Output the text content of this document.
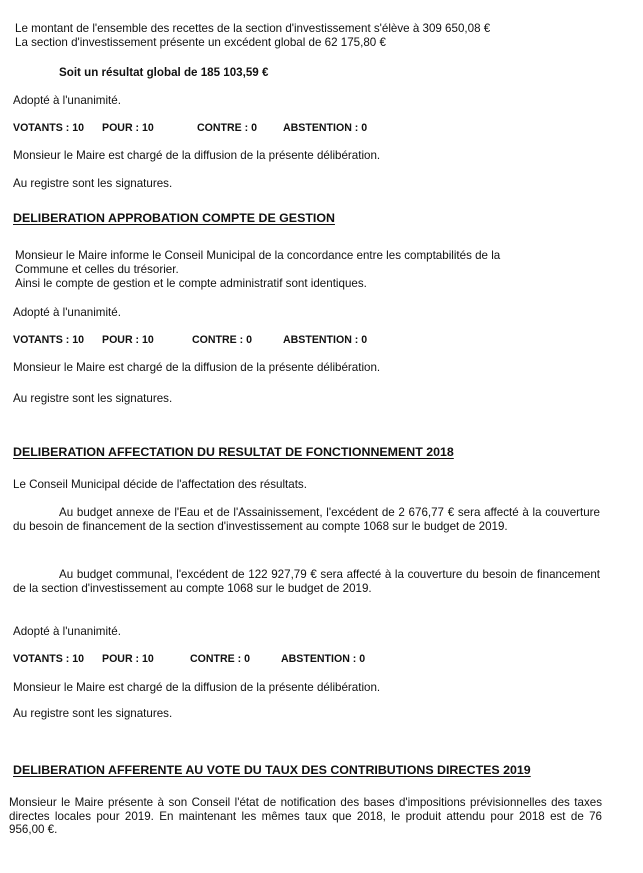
Le montant de l'ensemble des recettes de la section d'investissement s'élève à 309 650,08 €
La section d'investissement présente un excédent global de 62 175,80 €
Soit un résultat global de 185 103,59 €
Adopté à l'unanimité.
VOTANTS : 10 POUR : 10	CONTRE : 0 ABSTENTION : 0
Monsieur le Maire est chargé de la diffusion de la présente délibération.
Au registre sont les signatures.
DELIBERATION APPROBATION COMPTE DE GESTION
Monsieur le Maire informe le Conseil Municipal de la concordance entre les comptabilités de la
Commune et celles du trésorier.
Ainsi le compte de gestion et le compte administratif sont identiques.
Adopté à l'unanimité.
VOTANTS : 10 POUR : 10	CONTRE : 0	ABSTENTION : 0
Monsieur le Maire est chargé de la diffusion de la présente délibération.
Au registre sont les signatures.
DELIBERATION AFFECTATION DU RESULTAT DE FONCTIONNEMENT 2018
Le Conseil Municipal décide de l'affectation des résultats.
Au budget annexe de l'Eau et de l'Assainissement, l'excédent de 2 676,77 € sera affecté à la couverture du besoin de financement de la section d'investissement au compte 1068 sur le budget de 2019.
Au budget communal, l'excédent de 122 927,79 € sera affecté à la couverture du besoin de financement de la section d'investissement au compte 1068 sur le budget de 2019.
Adopté à l'unanimité.
VOTANTS : 10 POUR : 10	CONTRE : 0	ABSTENTION : 0
Monsieur le Maire est chargé de la diffusion de la présente délibération.
Au registre sont les signatures.
DELIBERATION AFFERENTE AU VOTE DU TAUX DES CONTRIBUTIONS DIRECTES 2019
Monsieur le Maire présente à son Conseil l'état de notification des bases d'impositions prévisionnelles des taxes directes locales pour 2019. En maintenant les mêmes taux que 2018, le produit attendu pour 2018 est de 76 956,00 €.
